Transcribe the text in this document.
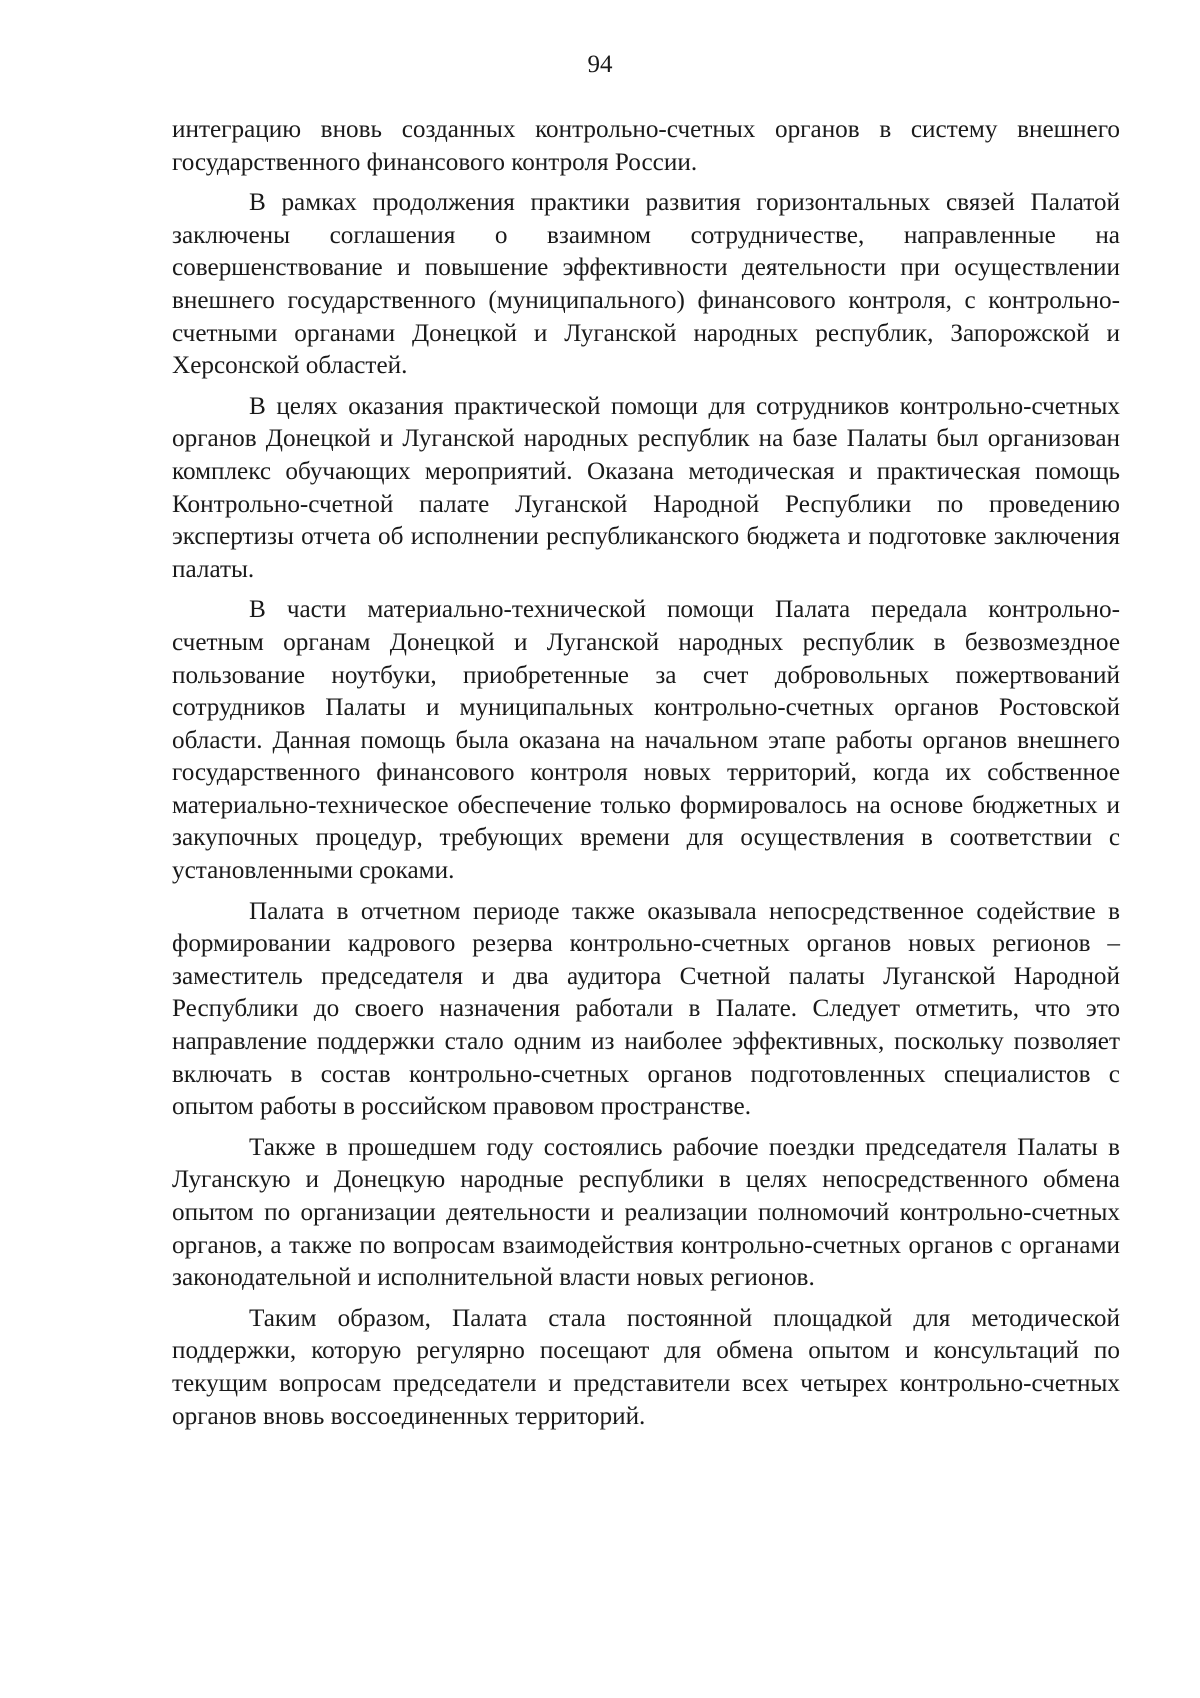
94

интеграцию вновь созданных контрольно-счетных органов в систему внешнего государственного финансового контроля России.

В рамках продолжения практики развития горизонтальных связей Палатой заключены соглашения о взаимном сотрудничестве, направленные на совершенствование и повышение эффективности деятельности при осуществлении внешнего государственного (муниципального) финансового контроля, с контрольно-счетными органами Донецкой и Луганской народных республик, Запорожской и Херсонской областей.

В целях оказания практической помощи для сотрудников контрольно-счетных органов Донецкой и Луганской народных республик на базе Палаты был организован комплекс обучающих мероприятий. Оказана методическая и практическая помощь Контрольно-счетной палате Луганской Народной Республики по проведению экспертизы отчета об исполнении республиканского бюджета и подготовке заключения палаты.

В части материально-технической помощи Палата передала контрольно-счетным органам Донецкой и Луганской народных республик в безвозмездное пользование ноутбуки, приобретенные за счет добровольных пожертвований сотрудников Палаты и муниципальных контрольно-счетных органов Ростовской области. Данная помощь была оказана на начальном этапе работы органов внешнего государственного финансового контроля новых территорий, когда их собственное материально-техническое обеспечение только формировалось на основе бюджетных и закупочных процедур, требующих времени для осуществления в соответствии с установленными сроками.

Палата в отчетном периоде также оказывала непосредственное содействие в формировании кадрового резерва контрольно-счетных органов новых регионов – заместитель председателя и два аудитора Счетной палаты Луганской Народной Республики до своего назначения работали в Палате. Следует отметить, что это направление поддержки стало одним из наиболее эффективных, поскольку позволяет включать в состав контрольно-счетных органов подготовленных специалистов с опытом работы в российском правовом пространстве.

Также в прошедшем году состоялись рабочие поездки председателя Палаты в Луганскую и Донецкую народные республики в целях непосредственного обмена опытом по организации деятельности и реализации полномочий контрольно-счетных органов, а также по вопросам взаимодействия контрольно-счетных органов с органами законодательной и исполнительной власти новых регионов.

Таким образом, Палата стала постоянной площадкой для методической поддержки, которую регулярно посещают для обмена опытом и консультаций по текущим вопросам председатели и представители всех четырех контрольно-счетных органов вновь воссоединенных территорий.
